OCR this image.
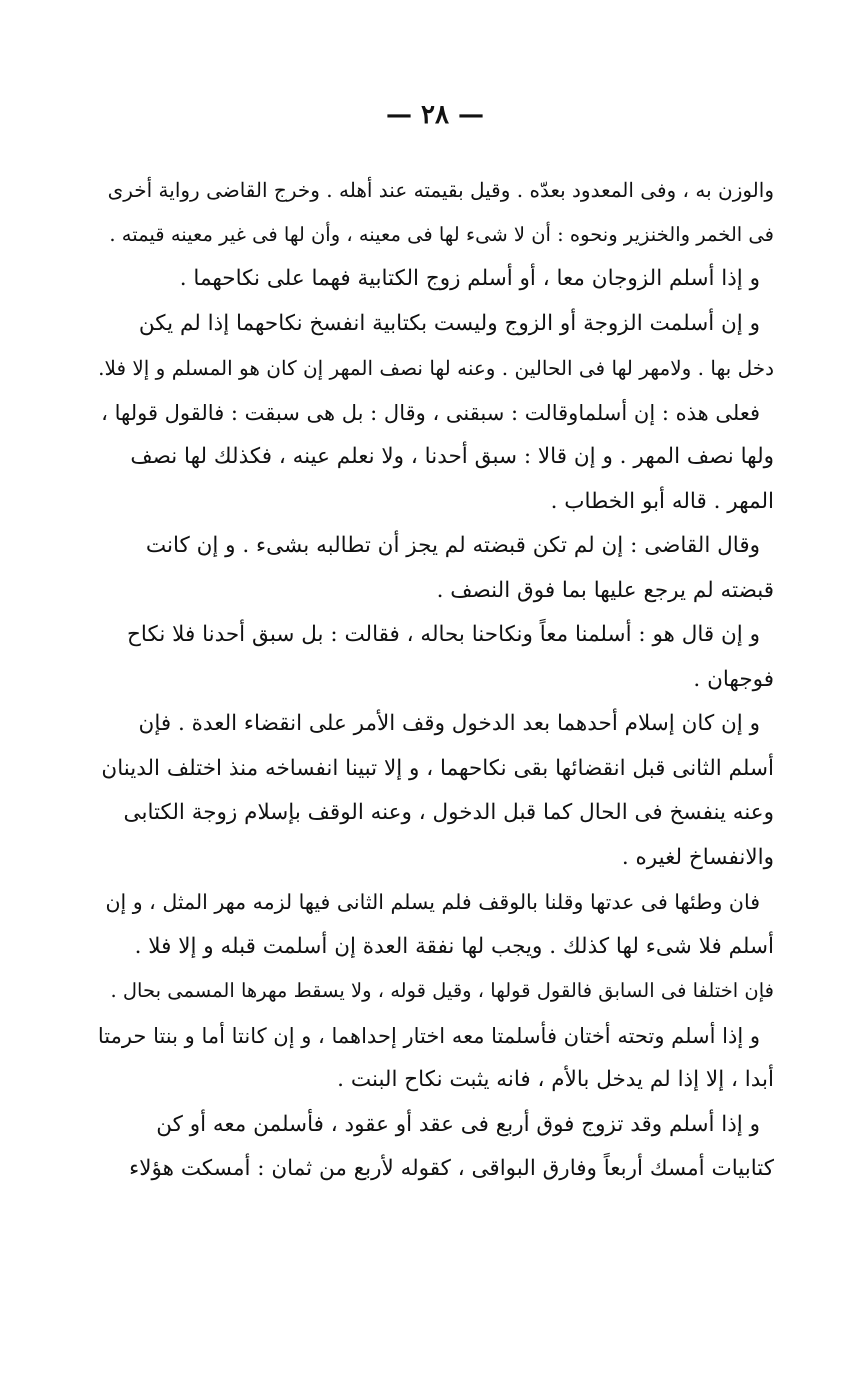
— ٢٨ —
والوزن به ، وفى المعدود بعدّه . وقيل بقيمته عند أهله . وخرج القاضى رواية أخرى
فى الخمر والخنزير ونحوه : أن لا شىء لها فى معينه ، وأن لها فى غير معينه قيمته .
و إذا أسلم الزوجان معا ، أو أسلم زوج الكتابية فهما على نكاحهما .
و إن أسلمت الزوجة أو الزوج وليست بكتابية انفسخ نكاحهما إذا لم يكن
دخل بها . ولامهر لها فى الحالين . وعنه لها نصف المهر إن كان هو المسلم و إلا فلا.
فعلى هذه : إن أسلماوقالت : سبقنى ، وقال : بل هى سبقت : فالقول قولها ،
ولها نصف المهر . و إن قالا : سبق أحدنا ، ولا نعلم عينه ، فكذلك لها نصف
المهر . قاله أبو الخطاب .
وقال القاضى : إن لم تكن قبضته لم يجز أن تطالبه بشىء . و إن كانت
قبضته لم يرجع عليها بما فوق النصف .
و إن قال هو : أسلمنا معاً ونكاحنا بحاله ، فقالت : بل سبق أحدنا فلا نكاح
فوجهان .
و إن كان إسلام أحدهما بعد الدخول وقف الأمر على انقضاء العدة . فإن
أسلم الثانى قبل انقضائها بقى نكاحهما ، و إلا تبينا انفساخه منذ اختلف الدينان
وعنه ينفسخ فى الحال كما قبل الدخول ، وعنه الوقف بإسلام زوجة الكتابى
والانفساخ لغيره .
فان وطئها فى عدتها وقلنا بالوقف فلم يسلم الثانى فيها لزمه مهر المثل ، و إن
أسلم فلا شىء لها كذلك . ويجب لها نفقة العدة إن أسلمت قبله و إلا فلا .
فإن اختلفا فى السابق فالقول قولها ، وقيل قوله ، ولا يسقط مهرها المسمى بحال .
و إذا أسلم وتحته أختان فأسلمتا معه اختار إحداهما ، و إن كانتا أما و بنتا حرمتا
أبدا ، إلا إذا لم يدخل بالأم ، فانه يثبت نكاح البنت .
و إذا أسلم وقد تزوج فوق أربع فى عقد أو عقود ، فأسلمن معه أو كن
كتابيات أمسك أربعاً وفارق البواقى ، كقوله لأربع من ثمان : أمسكت هؤلاء
